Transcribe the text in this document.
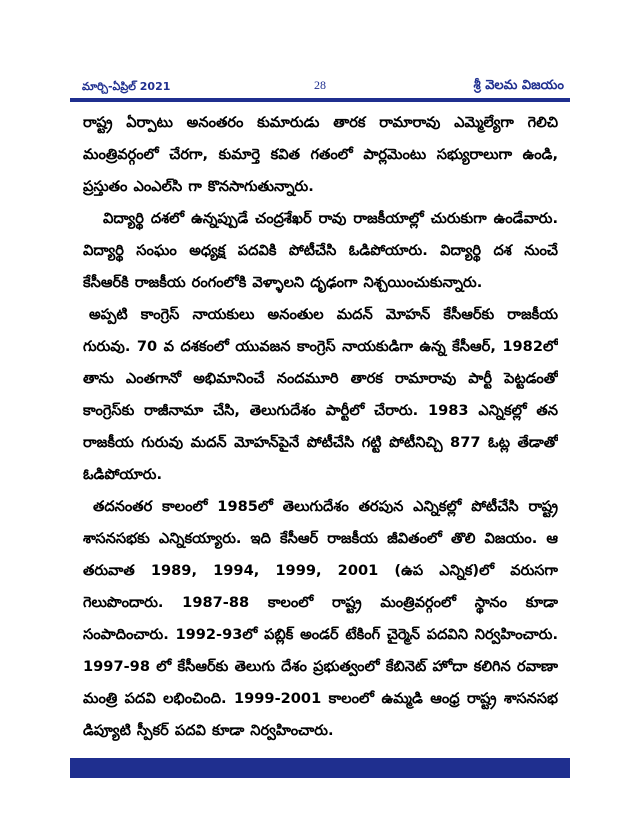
మార్చి-ఏప్రిల్ 2021	28	శ్రీ వెలమ విజయం

రాష్ట్ర ఏర్పాటు అనంతరం కుమారుడు తారక రామారావు ఎమ్మెల్యేగా గెలిచి మంత్రివర్గంలో చేరగా, కుమార్తె కవిత గతంలో పార్లమెంటు సభ్యురాలుగా ఉండి, ప్రస్తుతం ఎంఎల్‌సి గా కొనసాగుతున్నారు.

విద్యార్థి దశలో ఉన్నప్పుడే చంద్రశేఖర్ రావు రాజకీయాల్లో చురుకుగా ఉండేవారు. విద్యార్థి సంఘం అధ్యక్ష పదవికి పోటీచేసి ఓడిపోయారు. విద్యార్థి దశ నుంచే కేసీఆర్‌కి రాజకీయ రంగంలోకి వెళ్ళాలని దృఢంగా నిశ్చయించుకున్నారు.

అప్పటి కాంగ్రెస్ నాయకులు అనంతుల మదన్ మోహన్ కేసీఆర్‌కు రాజకీయ గురువు. 70 వ దశకంలో యువజన కాంగ్రెస్ నాయకుడిగా ఉన్న కేసీఆర్, 1982లో తాను ఎంతగానో అభిమానించే నందమూరి తారక రామారావు పార్టీ పెట్టడంతో కాంగ్రెస్‌కు రాజీనామా చేసి, తెలుగుదేశం పార్టీలో చేరారు. 1983 ఎన్నికల్లో తన రాజకీయ గురువు మదన్ మోహన్‌పైనే పోటీచేసి గట్టి పోటీనిచ్చి 877 ఓట్ల తేడాతో ఓడిపోయారు.

తదనంతర కాలంలో 1985లో తెలుగుదేశం తరపున ఎన్నికల్లో పోటీచేసి రాష్ట్ర శాసనసభకు ఎన్నికయ్యారు. ఇది కేసీఆర్ రాజకీయ జీవితంలో తొలి విజయం. ఆ తరువాత 1989, 1994, 1999, 2001 (ఉప ఎన్నిక)లో వరుసగా గెలుపొందారు. 1987-88 కాలంలో రాష్ట్ర మంత్రివర్గంలో స్థానం కూడా సంపాదించారు. 1992-93లో పబ్లిక్ అండర్ టేకింగ్ చైర్మెన్ పదవిని నిర్వహించారు. 1997-98 లో కేసీఆర్‌కు తెలుగు దేశం ప్రభుత్వంలో కేబినెట్ హోదా కలిగిన రవాణా మంత్రి పదవి లభించింది. 1999-2001 కాలంలో ఉమ్మడి ఆంధ్ర రాష్ట్ర శాసనసభ డిప్యూటి స్పీకర్ పదవి కూడా నిర్వహించారు.
